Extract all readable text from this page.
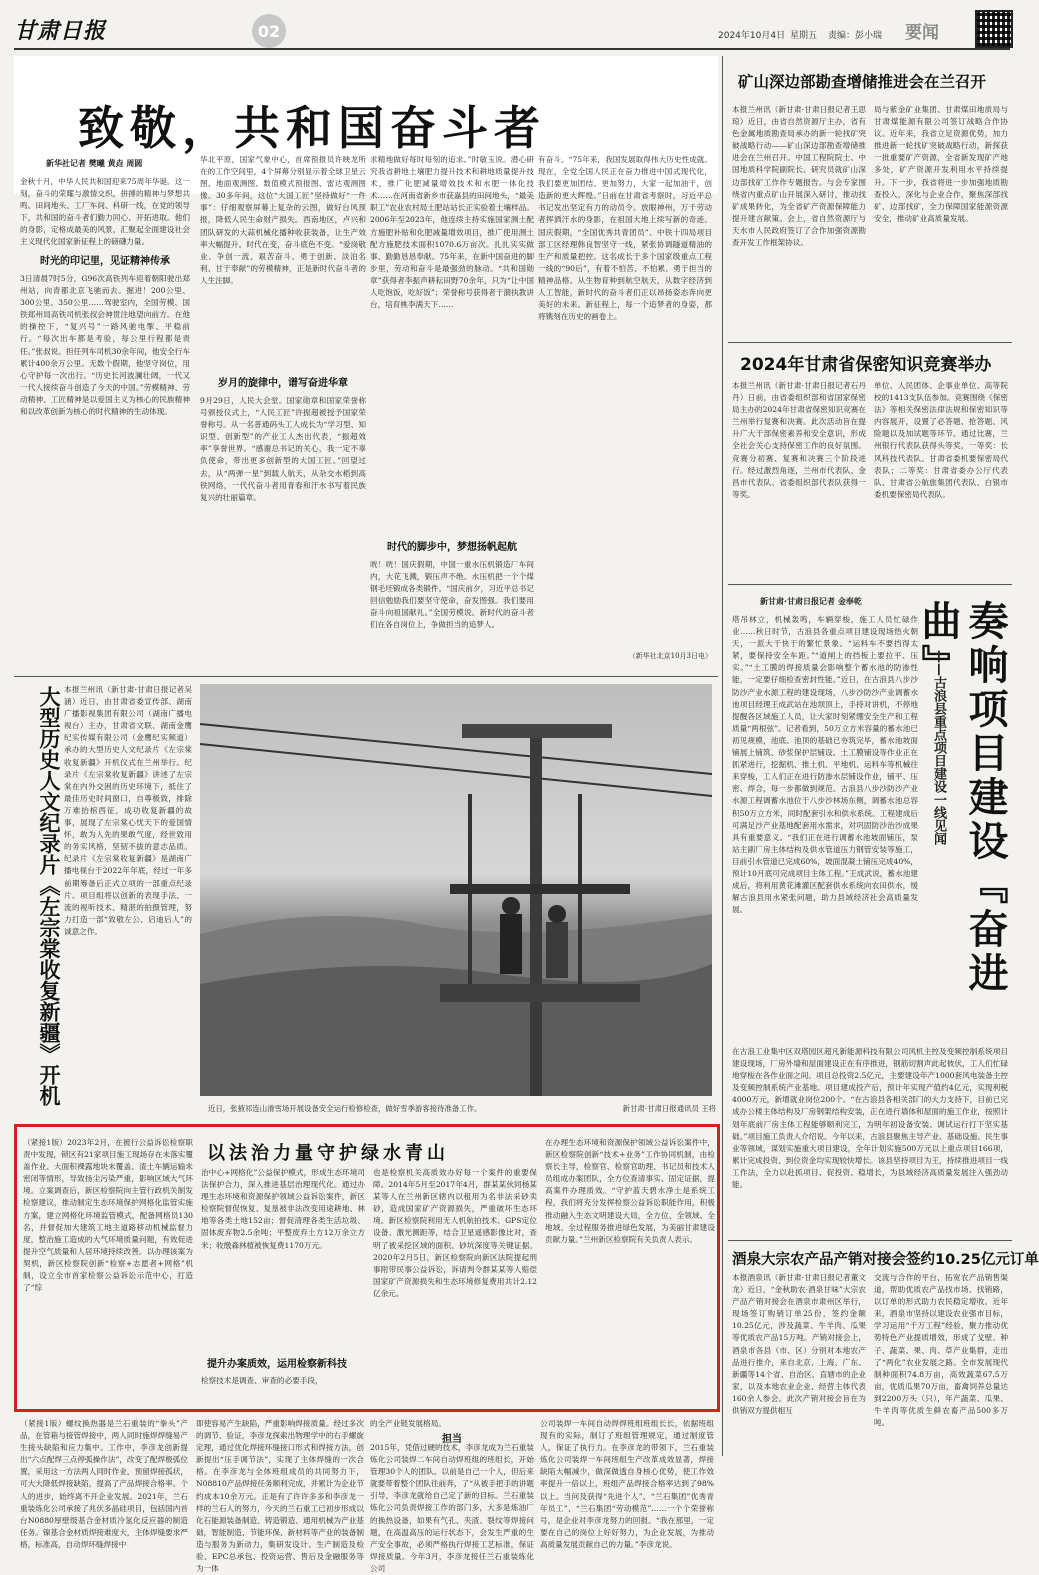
甘肃日报	02	2024年10月4日 星期五 责编：彭小瑞 要闻
致敬，共和国奋斗者
新华社记者 樊曦 黄垚 周圆
金秋十月，中华人民共和国迎来75周年华诞。这一刻，奋斗的荣耀与激情交织，拼搏的精神与梦想共鸣。田间地头、工厂车间、科研一线，在党的领导下，共和国的奋斗者们勤力同心、开拓进取。他们的身影，定格成最美的风景，汇聚起全面建设社会主义现代化国家新征程上的磅礴力量。
时光的印记里，见证精神传承
3日清晨7时5分，G96次高铁列车迎着朝阳驶出郑州站，向青都北京飞驰而去。掘进！200公里、300公里、350公里……驾驶室内，全国劳模、国铁郑州局高铁司机张叔会神贯注地望向前方。在他的操控下，“复兴号”一路风驰电掣、平稳前行。“每次出车都是考验，每公里行程都是责任。”张叔说。担任列车司机30余年间，他安全行车累计400余万公里。无数个假期，他坚守岗位，用心守护每一次出行。“历史长河波澜壮阔，一代又一代人接续奋斗创造了今天的中国。”劳模精神、劳动精神、工匠精神是以爱国主义为核心的民族精神和以改革创新为核心的时代精神的生动体现。
华北平原，国家气象中心，首席预报员许映龙所在的工作空间里，4个屏幕分别显示着全球卫星云图、地面观测图、数值模式预报图、雷达观测图像。30多年间，这位“大国工匠”坚持做好“一件事”：仔细观察屏幕上复杂的云图，做好台风预报，降低人民生命财产损失。西南地区，卢兴和团队研发的大蒜机械化播种收获装备，让生产效率大幅提升。时代在变，奋斗底色不变。“爱岗敬业、争创一流、艰苦奋斗、勇于创新、淡泊名利、甘于奉献”的劳模精神，正是新时代奋斗者的人生注脚。
岁月的旋律中，谱写奋进华章
9月29日，人民大会堂。国家勋章和国家荣誉称号颁授仪式上，“人民工匠”许振超被授予国家荣誉称号。从一名普通码头工人成长为“学习型、知识型、创新型”的产业工人杰出代表，“振超效率”享誉世界。“感谢总书记的关心，我一定不辜负使命，带出更多创新型的大国工匠。”回望过去，从“两弹一星”到载人航天，从杂交水稻到高铁网络，一代代奋斗者用青春和汗水书写着民族复兴的壮丽篇章。
求精地做好每时每刻的追求。”时敏玉说。潜心研究我省耕地土壤肥力提升技术和耕地质量提升技术，推广化肥减量增效技术和水肥一体化技术……在河南省新乡市获嘉县的田间地头，“最美职工”农业农村局土肥站站长正实验着土壤样品。2006年至2023年，他连续主持实施国家测土配方施肥补贴和化肥减量增效项目，推广使用测土配方施肥技术面积1070.6万亩次。扎扎实实做事、勤勤恳恳奉献。75年来，在新中国奋进的脚步里，劳动和奋斗是最强劲的脉动。“共和国勋章”获得者李振声耕耘田野70余年，只为“让中国人吃饱饭，吃好饭”；荣誉称号获得者于漪执教讲台，培育桃李满天下……
时代的脚步中，梦想扬帆起航
咣！咣！国庆假期，中国一重水压机锻造厂车间内，大花飞溅，锻压声不绝。水压机把一个个煤钢毛坯锻成各类锻件。“国庆前夕，习近平总书记回信勉励我们要坚守使命，奋发图强。我们要用奋斗向祖国献礼。”全国劳模说。新时代的奋斗者们在各自岗位上，争做担当的追梦人。
有奋斗。“75年来，我国发展取得伟大历史性成就。现在，全党全国人民正在奋力推进中国式现代化，我们要更加团结、更加努力，大家一起加油干，创造新的更大辉煌。”日前在甘肃省考察时，习近平总书记发出坚定有力的动员令。放眼神州，万千劳动者挥洒汗水的身影，在祖国大地上续写新的奇迹。国庆假期，“全国优秀共青团员”、中铁十四局项目部工区经理韩良智坚守一线，紧张协调隧道精油的生产和质量把控。这名成长于多个国家级重点工程一线的“90后”，有着不怕苦、不怕累、勇于担当的精神品格。从生物育种到航空航天，从数字经济到人工智能，新时代的奋斗者们正以昂扬姿态奔向更美好的未来。新征程上，每一个追梦者的身姿，都将镌刻在历史的画卷上。
（新华社北京10月3日电）
矿山深边部勘查增储推进会在兰召开
本报兰州讯（新甘肃·甘肃日报记者王思琼）近日，由省自然资源厅主办，省有色金属地质勘查局承办的新一轮找矿突破战略行动——矿山深边部勘查增储推进会在兰州召开。中国工程院院士、中国地质科学院副院长、研究员就矿山深边部找矿工作作专题报告。与会专家围绕省内重点矿山开展深入研讨，推动找矿成果转化，为全省矿产资源保障能力提升建言献策。会上，省自然资源厅与天水市人民政府签订了合作加强资源勘查开发工作框架协议。
局与紫金矿业集团、甘肃煤田地质局与甘肃煤能源有限公司签订战略合作协议。近年来，我省立足资源优势，加力推进新一轮找矿突破战略行动，新探获一批重要矿产资源，全省新发现矿产地多处，矿产资源开发利用水平持续提升。下一步，我省将进一步加强地质勘查投入，深化与企业合作，聚焦深部找矿、边部找矿，全力保障国家能源资源安全，推动矿业高质量发展。
2024年甘肃省保密知识竞赛举办
本报兰州讯（新甘肃·甘肃日报记者石丹丹）日前，由省委组织部和省国家保密局主办的2024年甘肃省保密知识竞赛在兰州举行复赛和决赛。此次活动旨在提升广大干部保密素养和安全意识，形成全社会关心支持保密工作的良好氛围。竞赛分初赛、复赛和决赛三个阶段进行。经过激烈角逐，兰州市代表队、金昌市代表队、省委组织部代表队获得一等奖。
单位、人民团体、企事业单位、高等院校的1413支队伍参加。竞赛围绕《保密法》等相关保密法律法规和保密知识等内容展开，设置了必答题、抢答题、风险题以及加试题等环节。通过比赛，兰州银行代表队获得头等奖，一等奖：长风科技代表队、甘肃省委机要保密局代表队；二等奖：甘肃省委办公厅代表队、甘肃省公航旅集团代表队、白银市委机要保密局代表队。
新甘肃·甘肃日报记者 金奉乾	奏响项目建设『奋进曲』
——古浪县重点项目建设一线见闻
塔吊林立，机械轰鸣，车辆穿梭，施工人员忙碌作业……秋日时节，古浪县各重点项目建设现场热火朝天，一派大干快干的繁忙景象。“运料车不要挡得太紧，要保持安全车距。”“道闸上的挡板上要拉平、压实。”“土工膜的焊接质量会影响整个蓄水池的防渗性能，一定要仔细检查密封性能。”近日，在古浪县八步沙防沙产业水源工程的建设现场，八步沙防沙产业调蓄水池项目经理王成武站在池坝顶上，手持对讲机，不停地提醒各区域施工人员，让大家时刻紧绷安全生产和工程质量“两根弦”。记者看到，50万立方米容量的蓄水池已初见规模，池底、池顶的基础已夯筑完毕，蓄水池坡面铺展上铺筑、砂浆保护层铺设、土工膜铺设等作业正在抓紧进行，挖掘机、推土机、平地机、运料车等机械往来穿梭，工人们正在进行防渗水层铺设作业，铺平、压密、焊合，每一步都做到规范。古浪县八步沙防沙产业水源工程调蓄水池位于八步沙林场东侧，调蓄水池总容积50万立方米，同时配套引水和供水系统。工程建成后可满足沙产业基地配套用水需求，对巩固防沙治沙成果具有重要意义。“我们正在进行调蓄水池坡面铺压，泵站主副厂房主体结构及供水管道压力钢管安装等施工，目前引水管道已完成60%，坡面混凝土铺压完成40%，预计10月底可完成项目主体工程。”王成武说，蓄水池建成后，将利用黄花滩灌区配套供水系统向农田供水，缓解古浪县用水紧张问题，助力县域经济社会高质量发展。
在古浪工业集中区双塔园区超凡新能源科技有限公司风机主控及变频控制系统项目建设现场，厂房外墙和屋面建设正在有序推进，钢筋切割声此起彼伏，工人们忙碌地穿梭在各作业面之间。项目总投资2.5亿元，主要建设年产1000套风电装备主控及变频控制系统产业基地。项目建成投产后，预计年实现产值约4亿元，实现利税4000万元，新增就业岗位200个。“在古浪县各相关部门的大力支持下，目前已完成办公楼主体结构及厂房钢架结构安装，正在进行墙体和屋面的施工作业，按照计划年底前厂房主体工程能够顺利完工，为明年初设备安装、调试运行打下坚实基础。”项目施工负责人介绍说。今年以来，古浪县聚焦主导产业、基础设施、民生事业等领域，谋划实施重大项目建设，全年计划实施500万元以上重点项目166项，累计完成投资、到位资金均实现较快增长。该县坚持项目为王，持续推进项目一线工作法，全力以赴抓项目、促投资、稳增长，为县域经济高质量发展注入强劲动能。
酒泉大宗农产品产销对接会签约10.25亿元订单
本报酒泉讯（新甘肃·甘肃日报记者董文龙）近日，“金秋助农·酒泉甘味”大宗农产品产销对接会在酒泉市肃州区举行，现场签订购销订单25份，签约金额10.25亿元，涉及蔬菜、牛羊肉、瓜果等优质农产品15万吨。产销对接会上，酒泉市各县（市、区）分别对本地农产品进行推介，来自北京、上海、广东、新疆等14个省、自治区、直辖市的企业家，以及本地农业企业、经营主体代表160余人参会。此次产销对接会旨在为供销双方提供相互
交流与合作的平台，拓宽农产品销售渠道，帮助优质农产品找市场、找销路，以订单的形式助力农民稳定增收。近年来，酒泉市坚持以建设农业强市目标，学习运用“千万工程”经验，聚力推动优势特色产业提质增效，形成了戈壁、种子、蔬菜、果、肉、草产业集群，走出了“两化”农业发展之路。全市发展现代制种面积74.8万亩，高效蔬菜67.5万亩，优质瓜果70万亩，畜禽饲养总量达到2200万头（只），年产蔬菜、瓜果、牛羊肉等优质生鲜农畜产品500多万吨。
大型历史人文纪录片《左宗棠收复新疆》开机 本报兰州讯（新甘肃·甘肃日报记者吴涵）近日，由甘肃省委宣传部、湖南广播影视集团有限公司（湖南广播电视台）主办，甘肃省文联、湖南金鹰纪实传媒有限公司（金鹰纪实频道）承办的大型历史人文纪录片《左宗棠收复新疆》开机仪式在兰州举行。纪录片《左宗棠收复新疆》讲述了左宗棠在内外交困的历史环境下，抵住了最佳历史时间窗口，自尊极致，排除万难抬棺西征，成功收复新疆的故事，展现了左宗棠心忧天下的爱国情怀，敢为人先的果敢气度，经世致用的务实风格，坚韧不拔的意志品质。纪录片《左宗棠收复新疆》是湖南广播电视台于2022年年底，经过一年多前期筹备后正式立项的一部重点纪录片。项目组将以创新的表现手法、一流的视听技术、精湛的拍摄管理，努力打造一部“致敬左公、启迪后人”的诚意之作。
近日，张掖祁连山滑雪场开展设备安全运行检修检查，做好雪季游客接待准备工作。	新甘肃·甘肃日报通讯员 王将
以法治力量守护绿水青山
（紧接1版）2023年2月，在被行公益诉讼检察职责中发现，锁区有21家项目施工现场存在未落实覆盖作业、大面积裸露地块未覆盖、渣土车辆运输未密闭等情形，导致扬尘污染严重，影响区域大气环境。立案调查后，新区检察院向主管行政机关制发检察建议，推动制定生态环境保护网格化监管实施方案，建立网格化环境监管模式，配备网格员130名，并督促加大建筑工地主道路移动机械监督力度，整治施工造成的大气环境质量问题，有效促进提升空气质量和人居环境持续改善。以办理该案为契机，新区检察院创新“检察+志愿者+网格”机制，设立全市首家检察公益诉讼示范中心，打造了“综
治中心+网格化”公益保护模式，形成生态环境司法保护合力，深入推进基层治理现代化。通过办理生态环境和资源保护领域公益诉讼案件，新区检察院督促恢复、复垦被非法改变用途耕地、林地等各类土地152亩；督促清理各类生活垃圾、固体废弃物2.5余吨；平整废弃土方12万余立方米；收缴森林植被恢复费1170万元。
提升办案质效，运用检察新科技
检察技术是调查、审查的必要手段，
也是检察机关高质效办好每一个案件的重要保障。2014年5月至2017年4月，群某某伙同杨某某等人在兰州新区辖内以租用为名非法采砂卖砂，造成国家矿产资源损失，严重破坏生态环境。新区检察院利用无人机航拍技术、GPS定位设备、激光测距等，结合卫星遥感影像比对，查明了被采挖区域的面积、砂坑深度等关键证据。2020年2月5日，新区检察院向新区法院提起刑事附带民事公益诉讼，诉请判令群某某等人赔偿国家矿产资源损失和生态环境修复费用共计2.12亿余元。
在办理生态环境和资源保护领域公益诉讼案件中，新区检察院创新“技术+业务”工作协同机制，由检察长主导，检察官、检察官助理、书记员和技术人员组成办案团队，全方位查清事实、固定证据，提高案件办理质效。“守护蓝天碧水净土是系统工程，我们将充分发挥检察公益诉讼职能作用，积极推动融入生态文明建设大局，全方位、全领域、全地域、全过程服务推进绿色发展，为美丽甘肃建设贡献力量。”兰州新区检察院有关负责人表示。
（紧接1版）螺纹换热器是兰石重装的“拳头”产品，在管箱与接管焊接中，两人同时施焊焊缝易产生接头缺陷和应力集中。工作中，李彦龙创新提出“六点配焊三点停弧操作法”，改变了配焊极弧位置，采用这一方法两人同时作业，预留焊接孤状，可大大降低焊接缺陷，提高了产品焊接合格率。个人的进步，始终离不开企业发展。2021年，兰石重装炼化公司承接了兆伏多晶硅项目，包括国内首台N0880厚壁级基合金材质冷氢化反应器的制造任务。镍基合金材质焊接难度大，主体焊缝要求严格，标准高，自动焊环缝焊接中
即使容易产生缺陷，严重影响焊接质量。经过多次的调节、验证，李彦龙探索出物理学中的右手螺旋定理，通过优化焊接环缝接口形式和焊接方法，创新提出“压手调节法”，实现了主体焊缝的一次合格。在李彦龙与全体班组成员的共同努力下，N08810产品焊接任务顺利完成，并累计为企业节约成本10余万元。正是有了许许多多和李彦龙一样的兰石人的努力，今天的兰石重工已初步形成以化石能源装备制造、铸造锻造、通用机械为产业基础，智能制造、节能环保、新材料等产业的装备制造与服务为新动力，集研发设计、生产制造及检验、EPC总承包、投资运营、售后及金融服务等为一体
的全产业链发展格局。
担当
2015年，凭借过硬的技术，李彦龙成为兰石重装炼化公司装焊二车间自动焊班组的班组长，开始管理30个人的团队。以前是自己一个人，但后来就要带着整个团队往前奔，了“从被手把手的讲题引导，李彦龙就给自己定了新的目标。兰石重装炼化公司负责焊接工作的部门多，大多是炼油厂的换热设备，如果有气孔、夹渣、裂纹等焊接问题，在高温高压的运行状态下，会发生严重的生产安全事故，必须严格执行焊接工艺标准，保证焊接质量。今年3月，李彦龙接任兰石重装炼化公司
公司装焊一车间自动焊焊班组班组长长，依据班组现有的实际，制订了班组管理规定，通过制度管人，保证了执行力。在李彦龙的带领下，兰石重装炼化公司装焊一车间班组生产改革成效显著，焊接缺陷大幅减少，做深做透自身核心优势，使工作效率提升一倍以上，班组产品焊接合格率达到了98%以上。当问及获得“先进个人”、“兰石集团”优秀青年员工”、“兰石集团“劳动模范”……一个个荣誉称号，是企业对李彦龙努力的回报。“我在那里，一定要在自己的岗位上好好努力，为企业发展，为推动高质量发展贡献自己的力量。”李彦龙说。
